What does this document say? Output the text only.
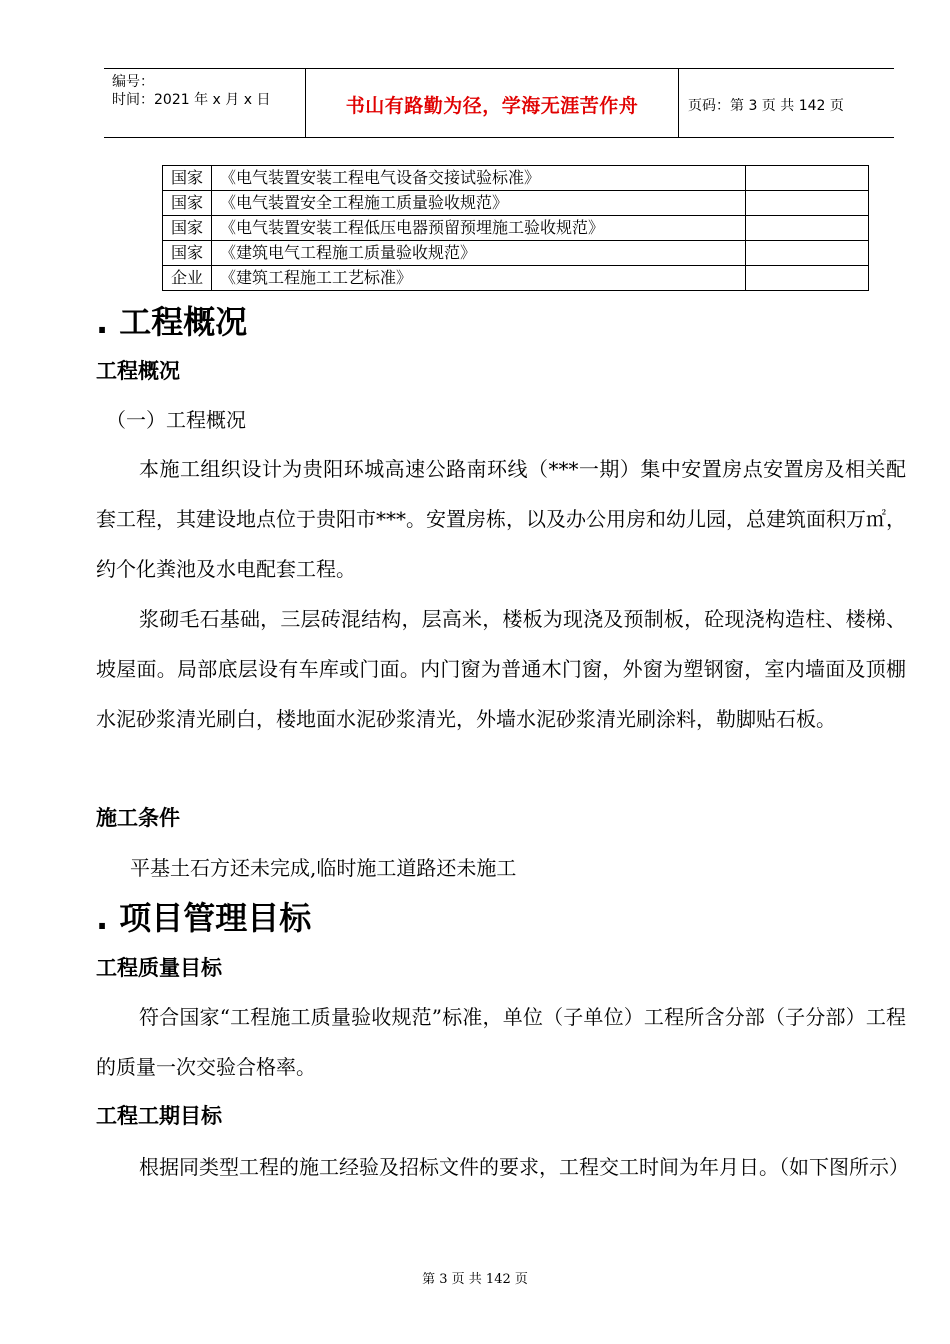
编号：
时间：2021 年 x 月 x 日	书山有路勤为径，学海无涯苦作舟	页码：第 3 页 共 142 页
国家	《电气装置安装工程电气设备交接试验标准》	
国家	《电气装置安全工程施工质量验收规范》	
国家	《电气装置安装工程低压电器预留预埋施工验收规范》	
国家	《建筑电气工程施工质量验收规范》	
企业	《建筑工程施工工艺标准》	
. 工程概况
工程概况
（一）工程概况
本施工组织设计为贵阳环城高速公路南环线（***一期）集中安置房点安置房及相关配套工程，其建设地点位于贵阳市***。安置房栋，以及办公用房和幼儿园，总建筑面积万㎡，约个化粪池及水电配套工程。
浆砌毛石基础，三层砖混结构，层高米，楼板为现浇及预制板，砼现浇构造柱、楼梯、坡屋面。局部底层设有车库或门面。内门窗为普通木门窗，外窗为塑钢窗，室内墙面及顶棚水泥砂浆清光刷白，楼地面水泥砂浆清光，外墙水泥砂浆清光刷涂料，勒脚贴石板。
施工条件
平基土石方还未完成,临时施工道路还未施工
. 项目管理目标
工程质量目标
符合国家“工程施工质量验收规范”标准，单位（子单位）工程所含分部（子分部）工程的质量一次交验合格率。
工程工期目标
根据同类型工程的施工经验及招标文件的要求，工程交工时间为年月日。（如下图所示）
第 3 页 共 142 页
